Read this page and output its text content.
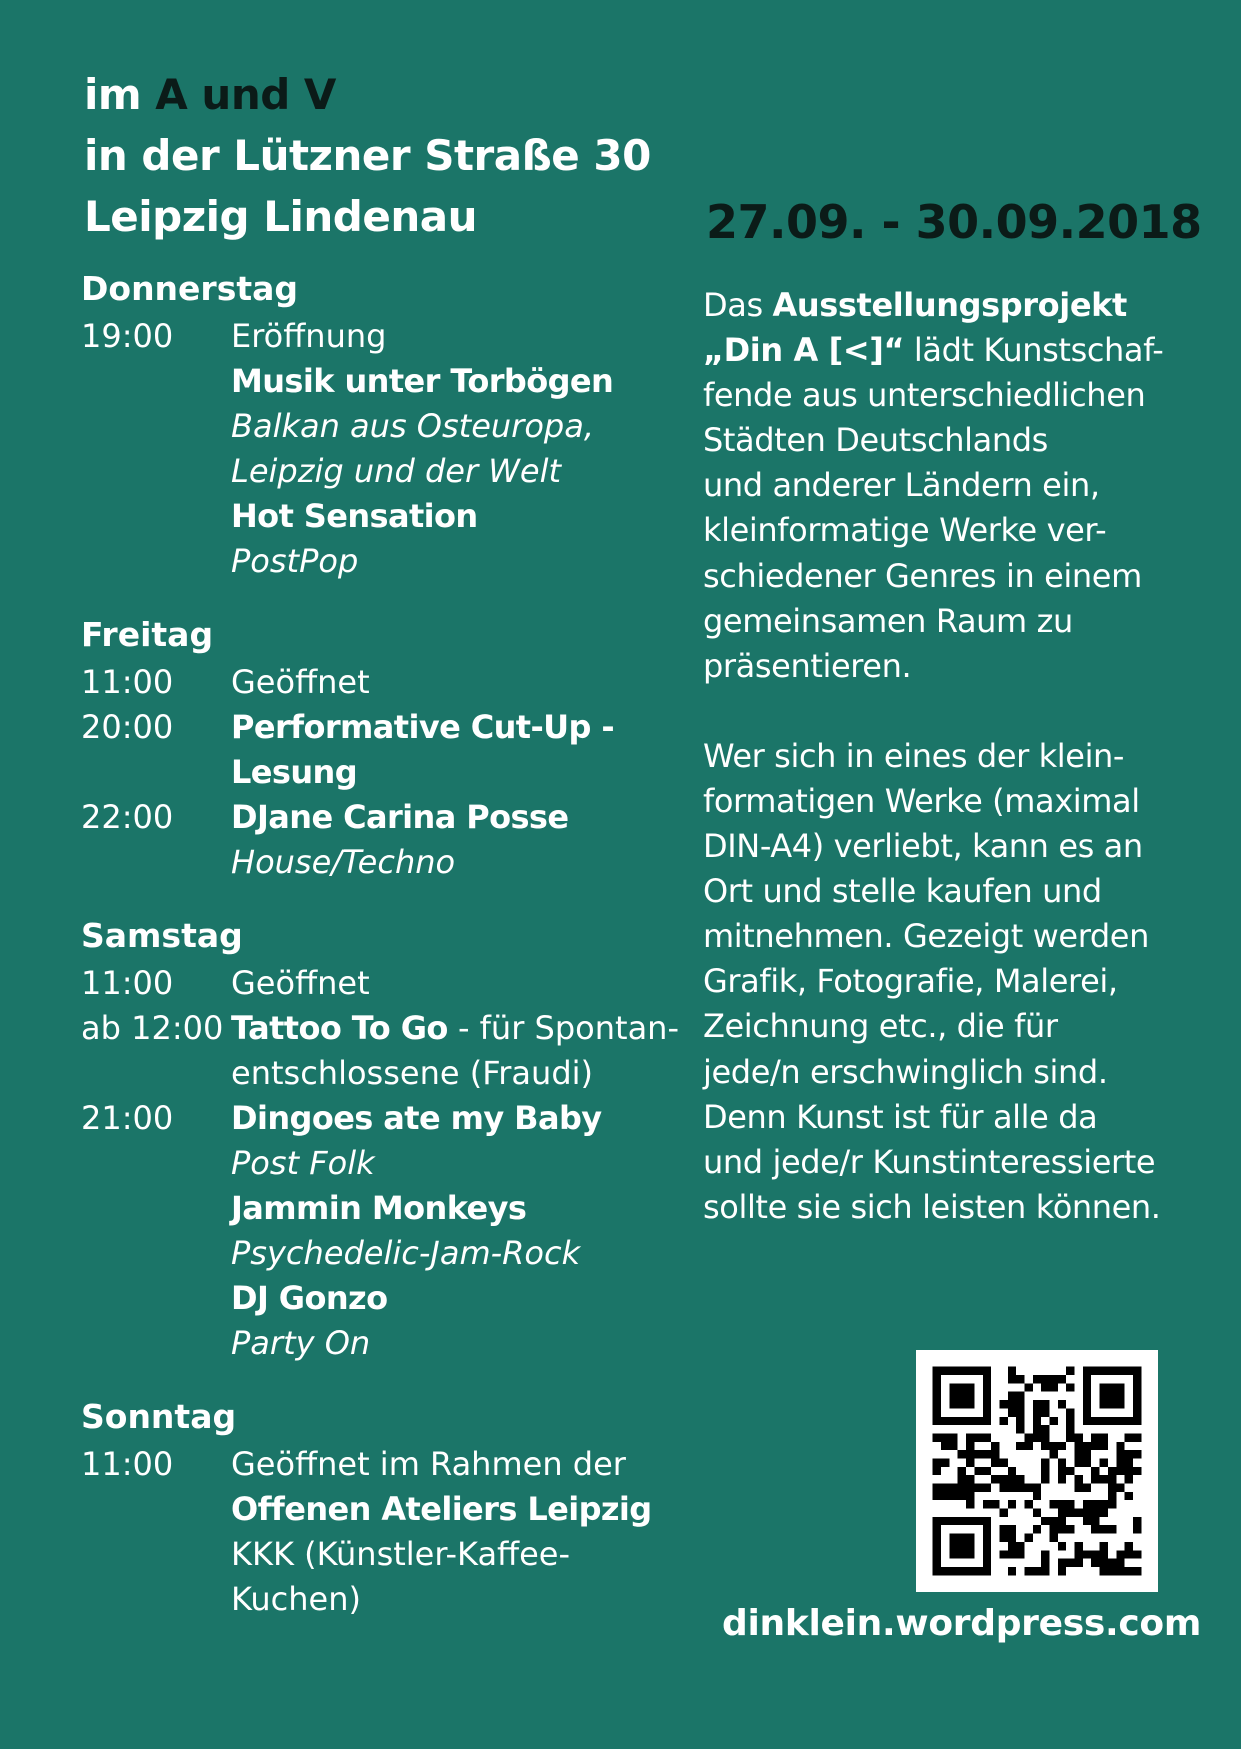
im A und V
in der Lützner Straße 30
Leipzig Lindenau
Donnerstag
19:00	Eröffnung
Musik unter Torbögen
Balkan aus Osteuropa,
Leipzig und der Welt
Hot Sensation
PostPop
Freitag
11:00	Geöffnet
20:00	Performative Cut-Up -
Lesung
22:00	DJane Carina Posse
House/Techno
Samstag
11:00	Geöffnet
ab 12:00 Tattoo To Go - für Spontan-
entschlossene (Fraudi)
21:00	Dingoes ate my Baby
Post Folk
Jammin Monkeys
Psychedelic-Jam-Rock
DJ Gonzo
Party On
Sonntag
11:00	Geöffnet im Rahmen der
Offenen Ateliers Leipzig
KKK (Künstler-Kaffee-
Kuchen)
27.09. - 30.09.2018

Das Ausstellungsprojekt

„Din A [<]“ lädt Kunstschaf-

fende aus unterschiedlichen

Städten Deutschlands

und anderer Ländern ein,

kleinformatige Werke ver-

schiedener Genres in einem

gemeinsamen Raum zu

präsentieren.

Wer sich in eines der klein-

formatigen Werke (maximal

DIN-A4) verliebt, kann es an

Ort und stelle kaufen und

mitnehmen. Gezeigt werden

Grafik, Fotografie, Malerei,

Zeichnung etc., die für

jede/n erschwinglich sind.

Denn Kunst ist für alle da

und jede/r Kunstinteressierte

sollte sie sich leisten können.

dinklein.wordpress.com
